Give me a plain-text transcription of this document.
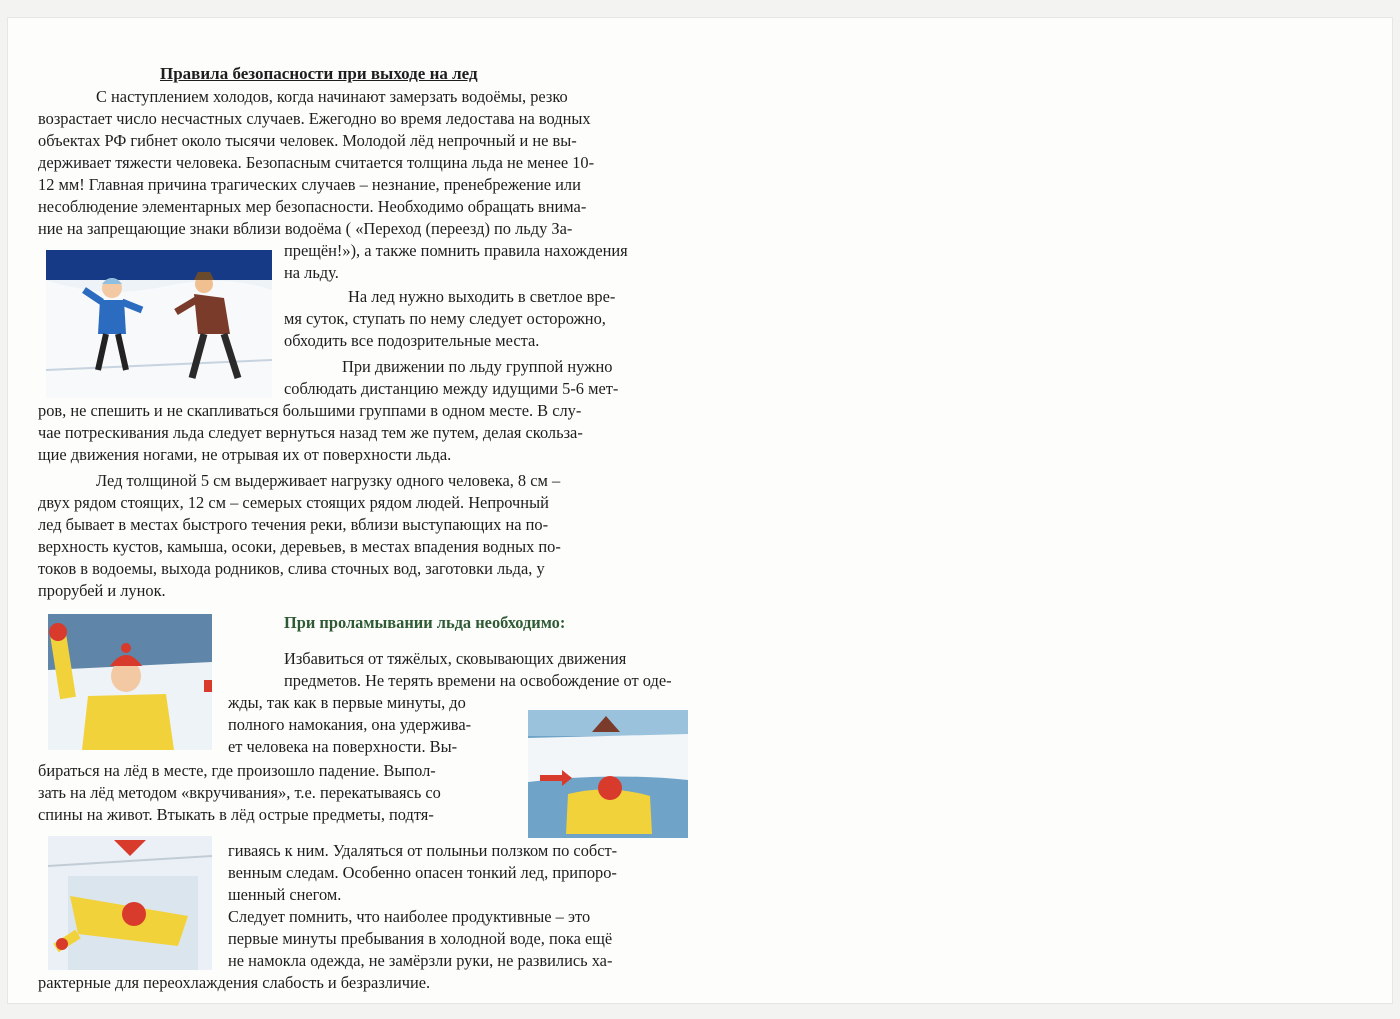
Правила безопасности при выходе на лед
С наступлением холодов, когда начинают замерзать водоёмы, резко
возрастает число несчастных случаев. Ежегодно во время ледостава на водных
объектах РФ гибнет около тысячи человек. Молодой лёд непрочный и не вы-
держивает тяжести человека. Безопасным считается толщина льда не менее 10-
12 мм! Главная причина трагических случаев – незнание, пренебрежение или
несоблюдение элементарных мер безопасности. Необходимо обращать внима-
ние на запрещающие знаки вблизи водоёма ( «Переход (переезд) по льду За-
прещён!»), а также помнить правила нахождения
на льду.
На лед нужно выходить в светлое вре-
мя суток, ступать по нему следует осторожно,
обходить все подозрительные места.
При движении по льду группой нужно
соблюдать дистанцию между идущими 5-6 мет-
ров, не спешить и не скапливаться большими группами в одном месте. В слу-
чае потрескивания льда следует вернуться назад тем же путем, делая скольза-
щие движения ногами, не отрывая их от поверхности льда.
Лед толщиной 5 см выдерживает нагрузку одного человека, 8 см –
двух рядом стоящих, 12 см – семерых стоящих рядом людей. Непрочный
лед бывает в местах быстрого течения реки, вблизи выступающих на по-
верхность кустов, камыша, осоки, деревьев, в местах впадения водных по-
токов в водоемы, выхода родников, слива сточных вод, заготовки льда, у
прорубей и лунок.
При проламывании льда необходимо:
Избавиться от тяжёлых, сковывающих движения
предметов. Не терять времени на освобождение от оде-
жды, так как в первые минуты, до
полного намокания, она удержива-
ет человека на поверхности. Вы-
бираться на лёд в месте, где произошло падение. Выпол-
зать на лёд методом «вкручивания», т.е. перекатываясь со
спины на живот. Втыкать в лёд острые предметы, подтя-
гиваясь к ним. Удаляться от полыньи ползком по собст-
венным следам. Особенно опасен тонкий лед, припоро-
шенный снегом.
Следует помнить, что наиболее продуктивные – это
первые минуты пребывания в холодной воде, пока ещё
не намокла одежда, не замёрзли руки, не развились ха-
рактерные для переохлаждения слабость и безразличие.
